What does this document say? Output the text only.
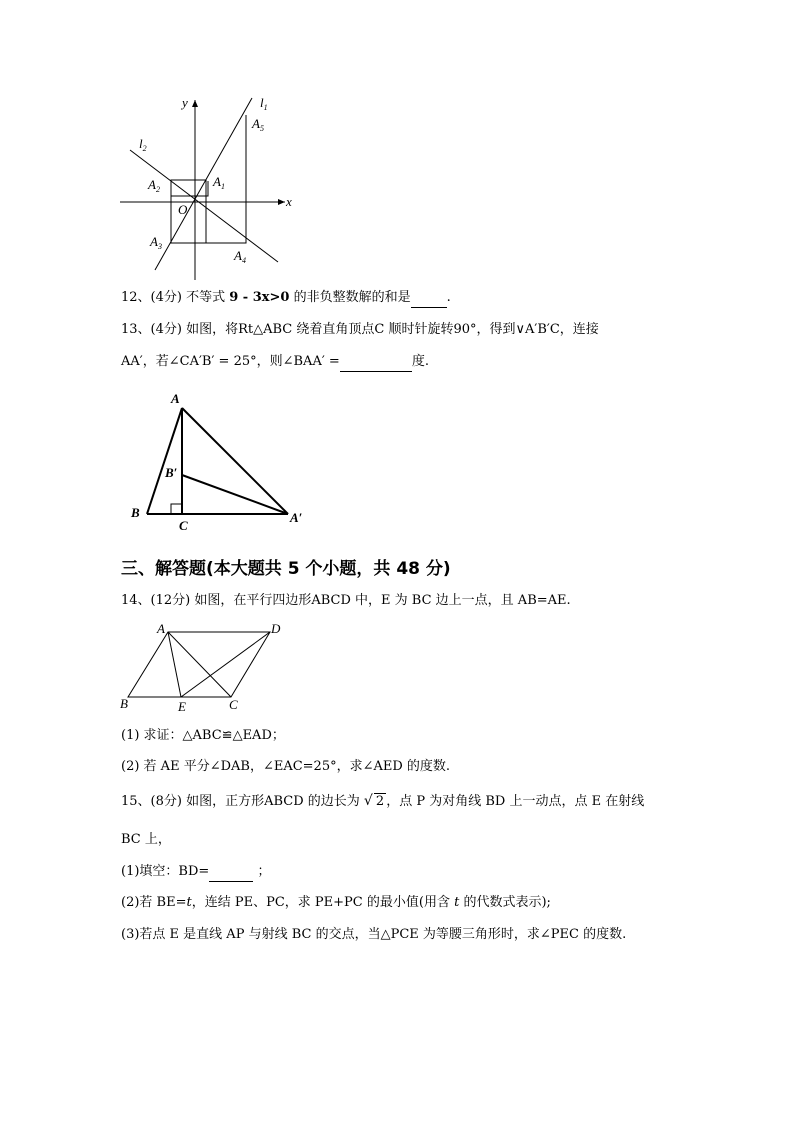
y
x
O
$l_1$
$l_2$
$A_1$
$A_2$
$A_3$
$A_4$
$A_5$
12、(4分) 不等式 9 - 3x>0 的非负整数解的和是	.
13、(4分) 如图，将Rt△ABC 绕着直角顶点C 顺时针旋转90°，得到∨A′B′C，连接
AA′，若∠CA′B′ = 25°，则∠BAA′ =	度.
A
B
C
B′
A′
三、解答题(本大题共 5 个小题，共 48 分)
14、(12分) 如图，在平行四边形ABCD 中，E 为 BC 边上一点，且 AB=AE.
A	D
B	E	C
(1) 求证：△ABC≌△EAD；
(2) 若 AE 平分∠DAB，∠EAC=25°，求∠AED 的度数.
15、(8分) 如图，正方形ABCD 的边长为 √ 2 ，点 P 为对角线 BD 上一动点，点 E 在射线
BC 上，
(1)填空：BD=	；
(2)若 BE=t，连结 PE、PC，求 PE+PC 的最小值(用含 t 的代数式表示);
(3)若点 E 是直线 AP 与射线 BC 的交点，当△PCE 为等腰三角形时，求∠PEC 的度数.
